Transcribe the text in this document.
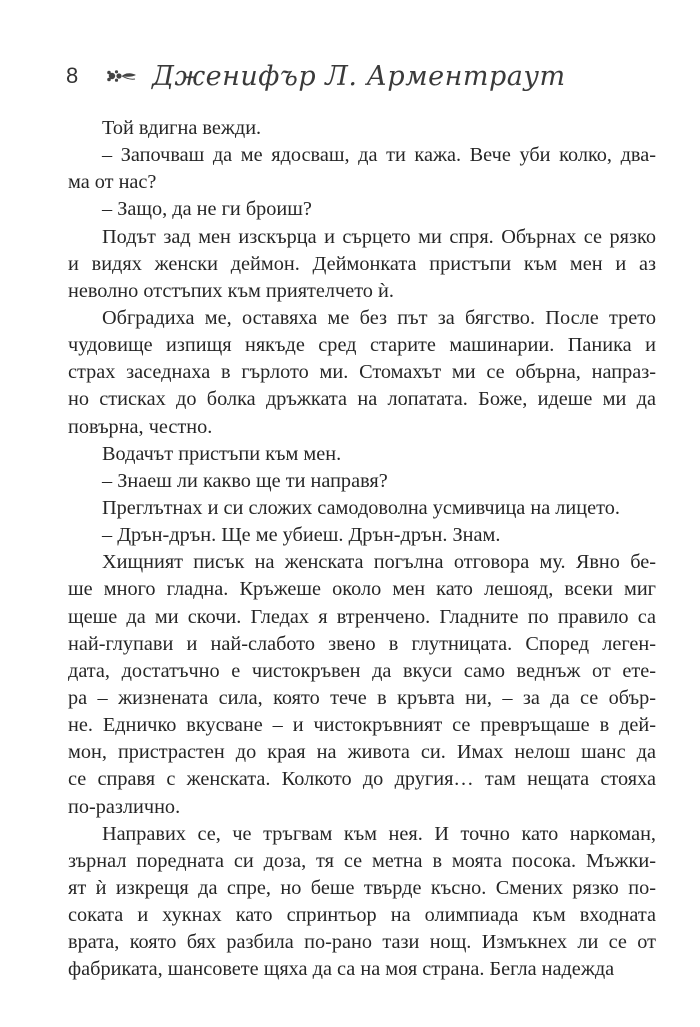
8	Дженифър Л. Арментраут
Той вдигна вежди.
– Започваш да ме ядосваш, да ти кажа. Вече уби колко, два-
ма от нас?
– Защо, да не ги броиш?
Подът зад мен изскърца и сърцето ми спря. Обърнах се рязко
и видях женски деймон. Деймонката пристъпи към мен и аз
неволно отстъпих към приятелчето ѝ.
Обградиха ме, оставяха ме без път за бягство. После трето
чудовище изпищя някъде сред старите машинарии. Паника и
страх заседнаха в гърлото ми. Стомахът ми се обърна, напраз-
но стисках до болка дръжката на лопатата. Боже, идеше ми да
повърна, честно.
Водачът пристъпи към мен.
– Знаеш ли какво ще ти направя?
Преглътнах и си сложих самодоволна усмивчица на лицето.
– Дрън-дрън. Ще ме убиеш. Дрън-дрън. Знам.
Хищният писък на женската погълна отговора му. Явно бе-
ше много гладна. Кръжеше около мен като лешояд, всеки миг
щеше да ми скочи. Гледах я втренчено. Гладните по правило са
най-глупави и най-слабото звено в глутницата. Според леген-
дата, достатъчно е чистокръвен да вкуси само веднъж от ете-
ра – жизнената сила, която тече в кръвта ни, – за да се обър-
не. Едничко вкусване – и чистокръвният се превръщаше в дей-
мон, пристрастен до края на живота си. Имах нелош шанс да
се справя с женската. Колкото до другия… там нещата стояха
по-различно.
Направих се, че тръгвам към нея. И точно като наркоман,
зърнал поредната си доза, тя се метна в моята посока. Мъжки-
ят ѝ изкрещя да спре, но беше твърде късно. Смених рязко по-
соката и хукнах като спринтьор на олимпиада към входната
врата, която бях разбила по-рано тази нощ. Измъкнех ли се от
фабриката, шансовете щяха да са на моя страна. Бегла надежда
